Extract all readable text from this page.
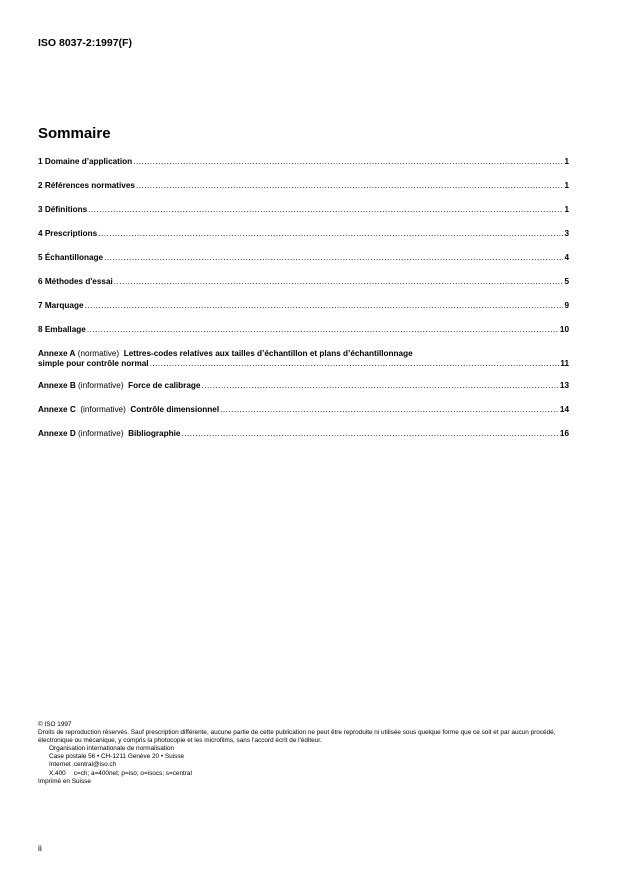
ISO 8037-2:1997(F)
Sommaire
1 Domaine d’application .....	1
2 Références normatives .....	1
3 Définitions .....	1
4 Prescriptions .....	3
5 Échantillonage .....	4
6 Méthodes d'essai .....	5
7 Marquage .....	9
8 Emballage .....	10
Annexe A (normative) Lettres-codes relatives aux tailles d’échantillon et plans d’échantillonnage
simple pour contrôle normal .....	11
Annexe B (informative) Force de calibrage .....	13
Annexe C (informative) Contrôle dimensionnel .....	14
Annexe D (informative) Bibliographie .....	16
© ISO 1997
Droits de reproduction réservés. Sauf prescription différente, aucune partie de cette publication ne peut être reproduite ni utilisée sous quelque forme que ce soit et par aucun procédé, électronique ou mécanique, y compris la photocopie et les microfilms, sans l'accord écrit de l'éditeur.
Organisation internationale de normalisation
Case postale 56 • CH-1211 Genève 20 • Suisse
Internet central@iso.ch
X.400 c=ch; a=400net; p=iso; o=isocs; s=central
Imprimé en Suisse
ii
